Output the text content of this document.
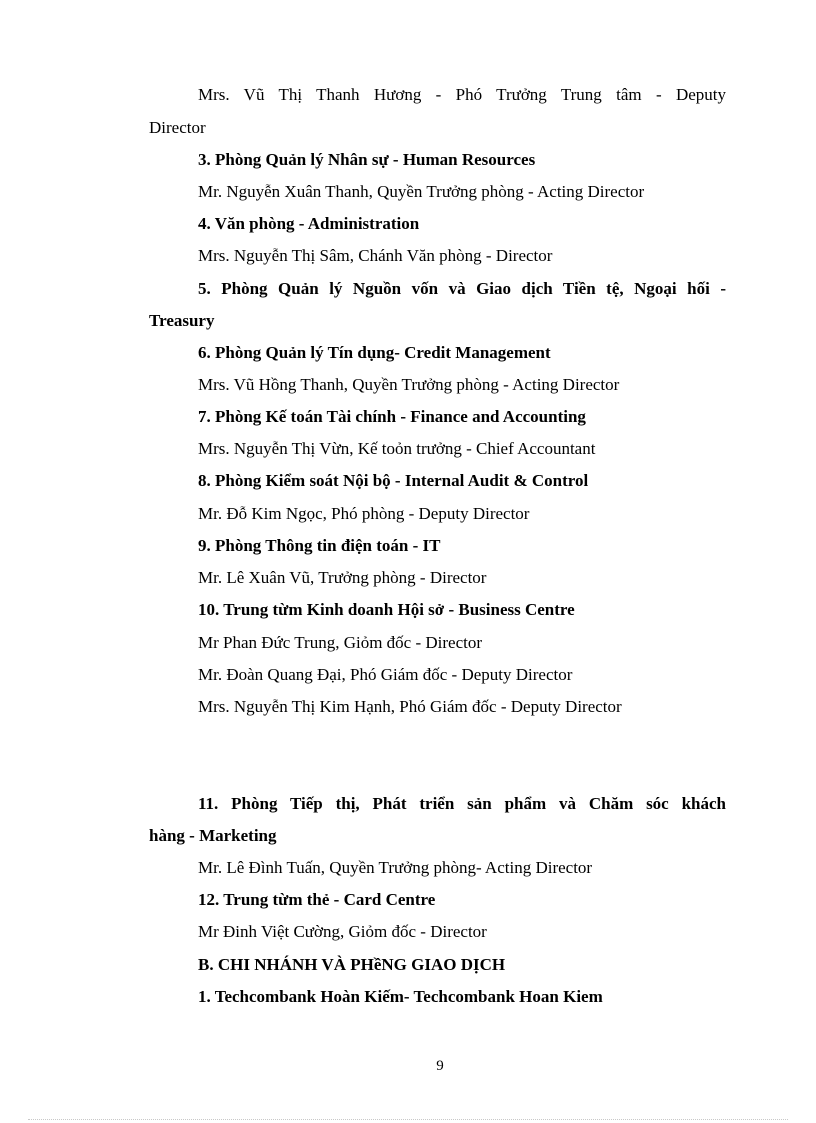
Mrs. Vũ Thị Thanh Hương - Phó Trưởng Trung tâm - Deputy
Director
3. Phòng Quản lý Nhân sự - Human Resources
Mr. Nguyễn Xuân Thanh, Quyền Trưởng phòng - Acting Director
4. Văn phòng - Administration
Mrs. Nguyễn Thị Sâm, Chánh Văn phòng - Director
5. Phòng Quản lý Nguồn vốn và Giao dịch Tiền tệ, Ngoại hối -
Treasury
6. Phòng Quản lý Tín dụng- Credit Management
Mrs. Vũ Hồng Thanh, Quyền Trưởng phòng - Acting Director
7. Phòng Kế toán Tài chính - Finance and Accounting
Mrs. Nguyễn Thị Vừn, Kế toỏn trưởng - Chief Accountant
8. Phòng Kiểm soát Nội bộ - Internal Audit & Control
Mr. Đỗ Kim Ngọc, Phó phòng - Deputy Director
9. Phòng Thông tin điện toán - IT
Mr. Lê Xuân Vũ, Trưởng phòng - Director
10. Trung từm Kinh doanh Hội sở - Business Centre
Mr Phan Đức Trung, Giỏm đốc - Director
Mr. Đoàn Quang Đại, Phó Giám đốc - Deputy Director
Mrs. Nguyễn Thị Kim Hạnh, Phó Giám đốc - Deputy Director
11. Phòng Tiếp thị, Phát triển sản phẩm và Chăm sóc khách
hàng - Marketing
Mr. Lê Đình Tuấn, Quyền Trưởng phòng- Acting Director
12. Trung từm thẻ - Card Centre
Mr Đinh Việt Cường, Giỏm đốc - Director
B. CHI NHÁNH VÀ PHềNG GIAO DỊCH
1. Techcombank Hoàn Kiếm- Techcombank Hoan Kiem
9
